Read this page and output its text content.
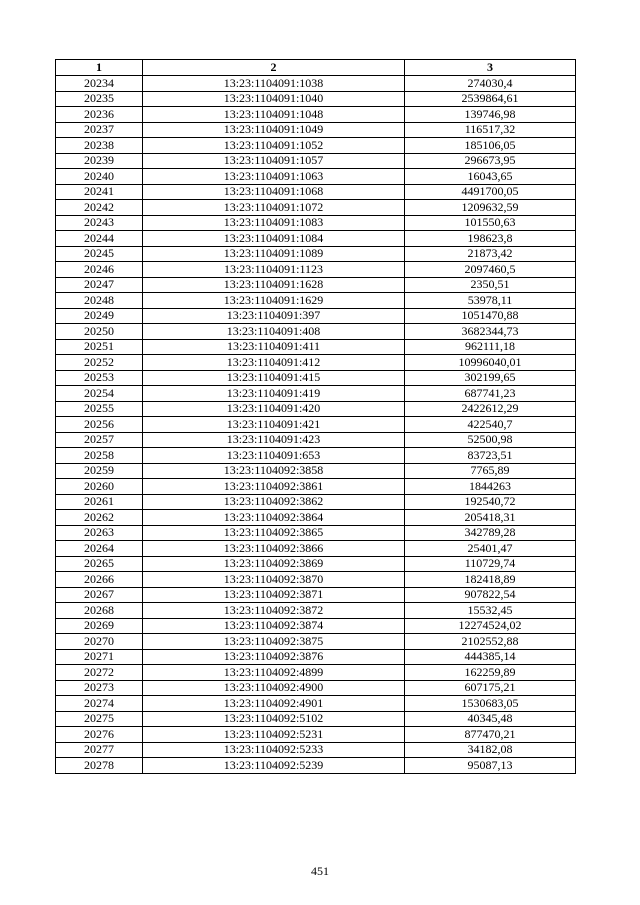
1	2	3
20234	13:23:1104091:1038	274030,4
20235	13:23:1104091:1040	2539864,61
20236	13:23:1104091:1048	139746,98
20237	13:23:1104091:1049	116517,32
20238	13:23:1104091:1052	185106,05
20239	13:23:1104091:1057	296673,95
20240	13:23:1104091:1063	16043,65
20241	13:23:1104091:1068	4491700,05
20242	13:23:1104091:1072	1209632,59
20243	13:23:1104091:1083	101550,63
20244	13:23:1104091:1084	198623,8
20245	13:23:1104091:1089	21873,42
20246	13:23:1104091:1123	2097460,5
20247	13:23:1104091:1628	2350,51
20248	13:23:1104091:1629	53978,11
20249	13:23:1104091:397	1051470,88
20250	13:23:1104091:408	3682344,73
20251	13:23:1104091:411	962111,18
20252	13:23:1104091:412	10996040,01
20253	13:23:1104091:415	302199,65
20254	13:23:1104091:419	687741,23
20255	13:23:1104091:420	2422612,29
20256	13:23:1104091:421	422540,7
20257	13:23:1104091:423	52500,98
20258	13:23:1104091:653	83723,51
20259	13:23:1104092:3858	7765,89
20260	13:23:1104092:3861	1844263
20261	13:23:1104092:3862	192540,72
20262	13:23:1104092:3864	205418,31
20263	13:23:1104092:3865	342789,28
20264	13:23:1104092:3866	25401,47
20265	13:23:1104092:3869	110729,74
20266	13:23:1104092:3870	182418,89
20267	13:23:1104092:3871	907822,54
20268	13:23:1104092:3872	15532,45
20269	13:23:1104092:3874	12274524,02
20270	13:23:1104092:3875	2102552,88
20271	13:23:1104092:3876	444385,14
20272	13:23:1104092:4899	162259,89
20273	13:23:1104092:4900	607175,21
20274	13:23:1104092:4901	1530683,05
20275	13:23:1104092:5102	40345,48
20276	13:23:1104092:5231	877470,21
20277	13:23:1104092:5233	34182,08
20278	13:23:1104092:5239	95087,13
451
